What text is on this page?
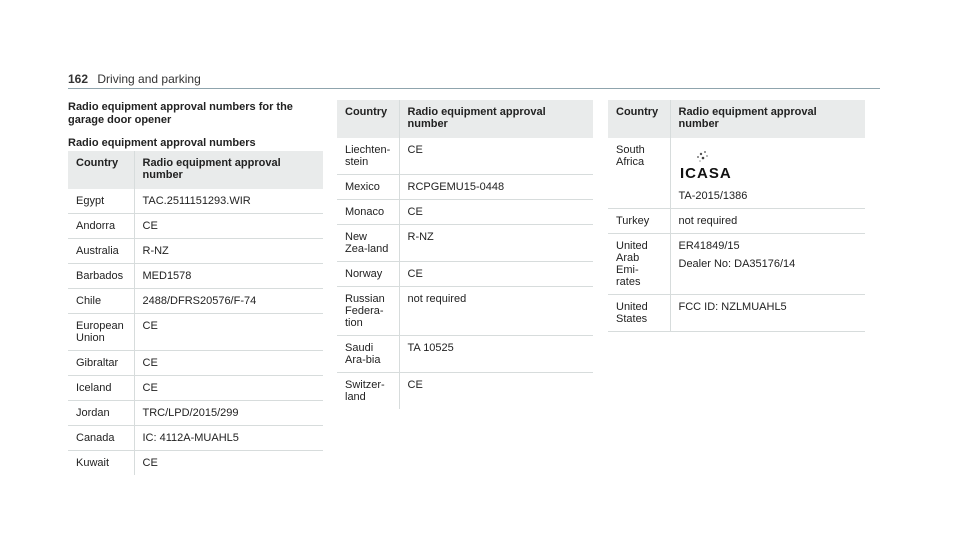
162 Driving and parking
Radio equipment approval numbers for the garage door opener
Radio equipment approval numbers
Country	Radio equipment approval number
Egypt	TAC.2511151293.WIR
Andorra	CE
Australia	R-NZ
Barbados	MED1578
Chile	2488/DFRS20576/F-74
European Union	CE
Gibraltar	CE
Iceland	CE
Jordan	TRC/LPD/2015/299
Canada	IC: 4112A-MUAHL5
Kuwait	CE
Country	Radio equipment approval number
Liechten-stein	CE
Mexico	RCPGEMU15-0448
Monaco	CE
New Zea-land	R-NZ
Norway	CE
Russian Federa-tion	not required
Saudi Ara-bia	TA 10525
Switzer-land	CE
Country	Radio equipment approval number
South Africa	ICASA
TA-2015/1386

Turkey	not required
United Arab Emi-rates	ER41849/15
Dealer No: DA35176/14

United States	FCC ID: NZLMUAHL5
